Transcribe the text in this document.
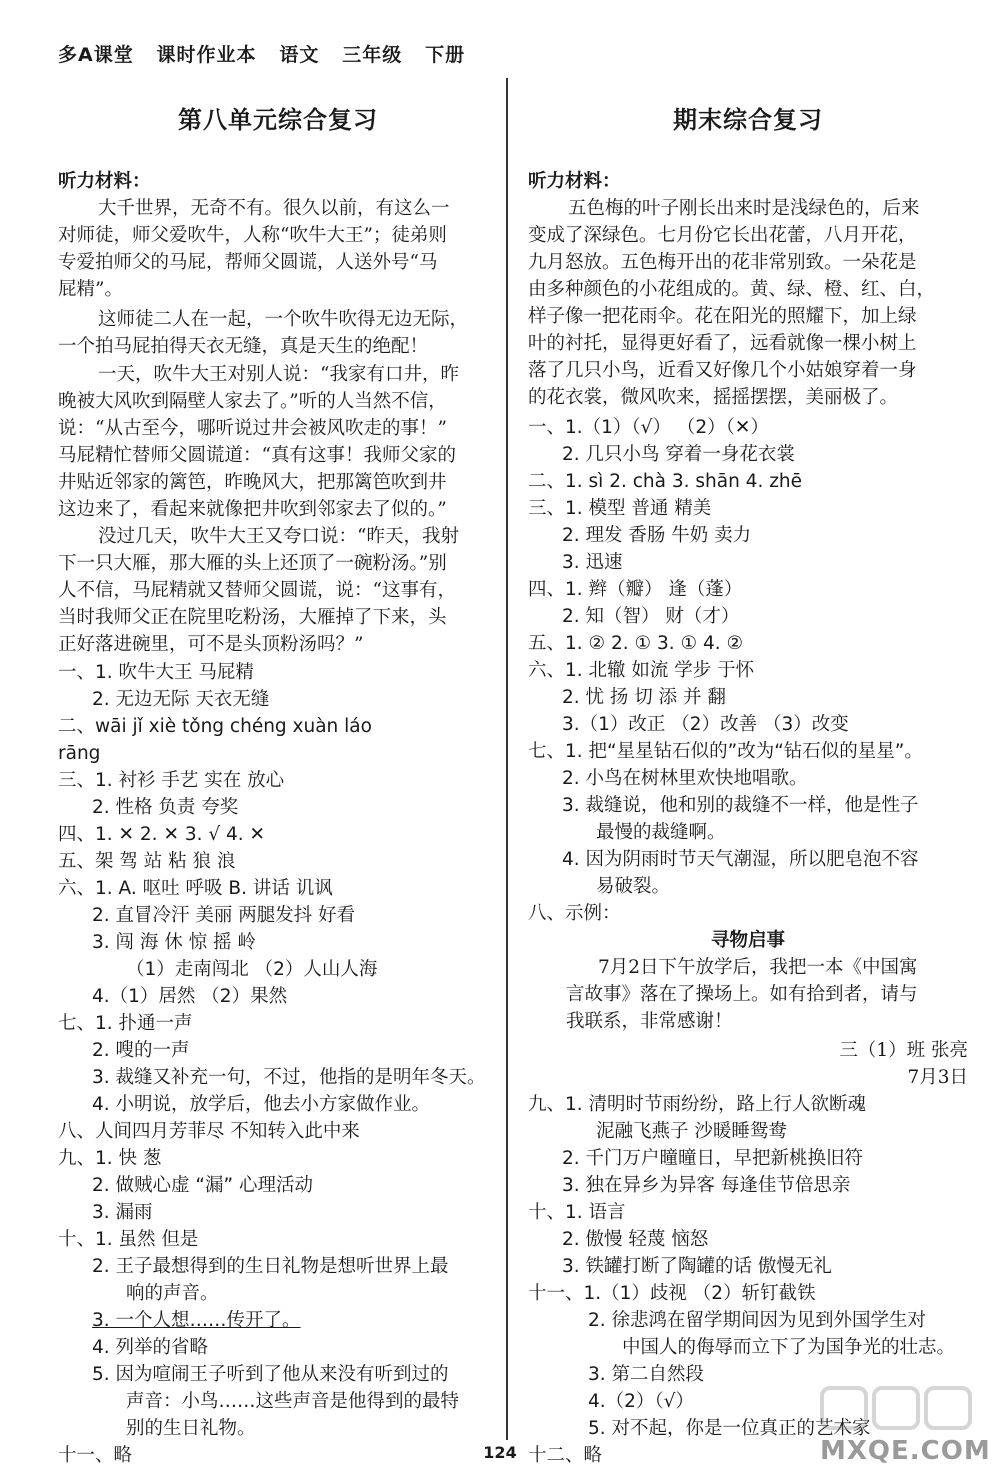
多A课堂   课时作业本   语文   三年级   下册
第八单元综合复习
听力材料：
大千世界，无奇不有。很久以前，有这么一
对师徒，师父爱吹牛，人称“吹牛大王”；徒弟则
专爱拍师父的马屁，帮师父圆谎，人送外号“马
屁精”。
这师徒二人在一起，一个吹牛吹得无边无际，
一个拍马屁拍得天衣无缝，真是天生的绝配！
一天，吹牛大王对别人说：“我家有口井，昨
晚被大风吹到隔壁人家去了。”听的人当然不信，
说：“从古至今，哪听说过井会被风吹走的事！”
马屁精忙替师父圆谎道：“真有这事！我师父家的
井贴近邻家的篱笆，昨晚风大，把那篱笆吹到井
这边来了，看起来就像把井吹到邻家去了似的。”
没过几天，吹牛大王又夸口说：“昨天，我射
下一只大雁，那大雁的头上还顶了一碗粉汤。”别
人不信，马屁精就又替师父圆谎，说：“这事有，
当时我师父正在院里吃粉汤，大雁掉了下来，头
正好落进碗里，可不是头顶粉汤吗？”
一、1. 吹牛大王 马屁精
2. 无边无际 天衣无缝
二、wāi jǐ xiè tǒng chéng xuàn láo
rāng
三、1. 衬衫 手艺 实在 放心
2. 性格 负责 夸奖
四、1. ✕ 2. ✕ 3. √ 4. ✕
五、架 驾 站 粘 狼 浪
六、1. A. 呕吐 呼吸 B. 讲话 讥讽
2. 直冒冷汗 美丽 两腿发抖 好看
3. 闯 海 休 惊 摇 岭
（1）走南闯北 （2）人山人海
4.（1）居然 （2）果然
七、1. 扑通一声
2. 嗖的一声
3. 裁缝又补充一句，不过，他指的是明年冬天。
4. 小明说，放学后，他去小方家做作业。
八、人间四月芳菲尽 不知转入此中来
九、1. 快 葱
2. 做贼心虚 “漏” 心理活动
3. 漏雨
十、1. 虽然 但是
2. 王子最想得到的生日礼物是想听世界上最
响的声音。
3. 一个人想……传开了。
4. 列举的省略
5. 因为喧闹王子听到了他从来没有听到过的
声音：小鸟……这些声音是他得到的最特
别的生日礼物。
十一、略
期末综合复习
听力材料：
五色梅的叶子刚长出来时是浅绿色的，后来
变成了深绿色。七月份它长出花蕾，八月开花，
九月怒放。五色梅开出的花非常别致。一朵花是
由多种颜色的小花组成的。黄、绿、橙、红、白，
样子像一把花雨伞。花在阳光的照耀下，加上绿
叶的衬托，显得更好看了，远看就像一棵小树上
落了几只小鸟，近看又好像几个小姑娘穿着一身
的花衣裳，微风吹来，摇摇摆摆，美丽极了。
一、1.（1）（√） （2）（✕）
2. 几只小鸟 穿着一身花衣裳
二、1. sì 2. chà 3. shān 4. zhē
三、1. 模型 普通 精美
2. 理发 香肠 牛奶 卖力
3. 迅速
四、1. 辫（瓣） 逢（蓬）
2. 知（智） 财（才）
五、1. ② 2. ① 3. ① 4. ②
六、1. 北辙 如流 学步 于怀
2. 忧 扬 切 添 并 翻
3.（1）改正 （2）改善 （3）改变
七、1. 把“星星钻石似的”改为“钻石似的星星”。
2. 小鸟在树林里欢快地唱歌。
3. 裁缝说，他和别的裁缝不一样，他是性子
最慢的裁缝啊。
4. 因为阴雨时节天气潮湿，所以肥皂泡不容
易破裂。
八、示例：
寻物启事
7月2日下午放学后，我把一本《中国寓
言故事》落在了操场上。如有拾到者，请与
我联系，非常感谢！
三（1）班 张亮
7月3日
九、1. 清明时节雨纷纷，路上行人欲断魂
泥融飞燕子 沙暖睡鸳鸯
2. 千门万户曈曈日，早把新桃换旧符
3. 独在异乡为异客 每逢佳节倍思亲
十、1. 语言
2. 傲慢 轻蔑 恼怒
3. 铁罐打断了陶罐的话 傲慢无礼
十一、1.（1）歧视 （2）斩钉截铁
2. 徐悲鸿在留学期间因为见到外国学生对
中国人的侮辱而立下了为国争光的壮志。
3. 第二自然段
4.（2）（√）
5. 对不起，你是一位真正的艺术家
十二、略	MXQE.COM
124
